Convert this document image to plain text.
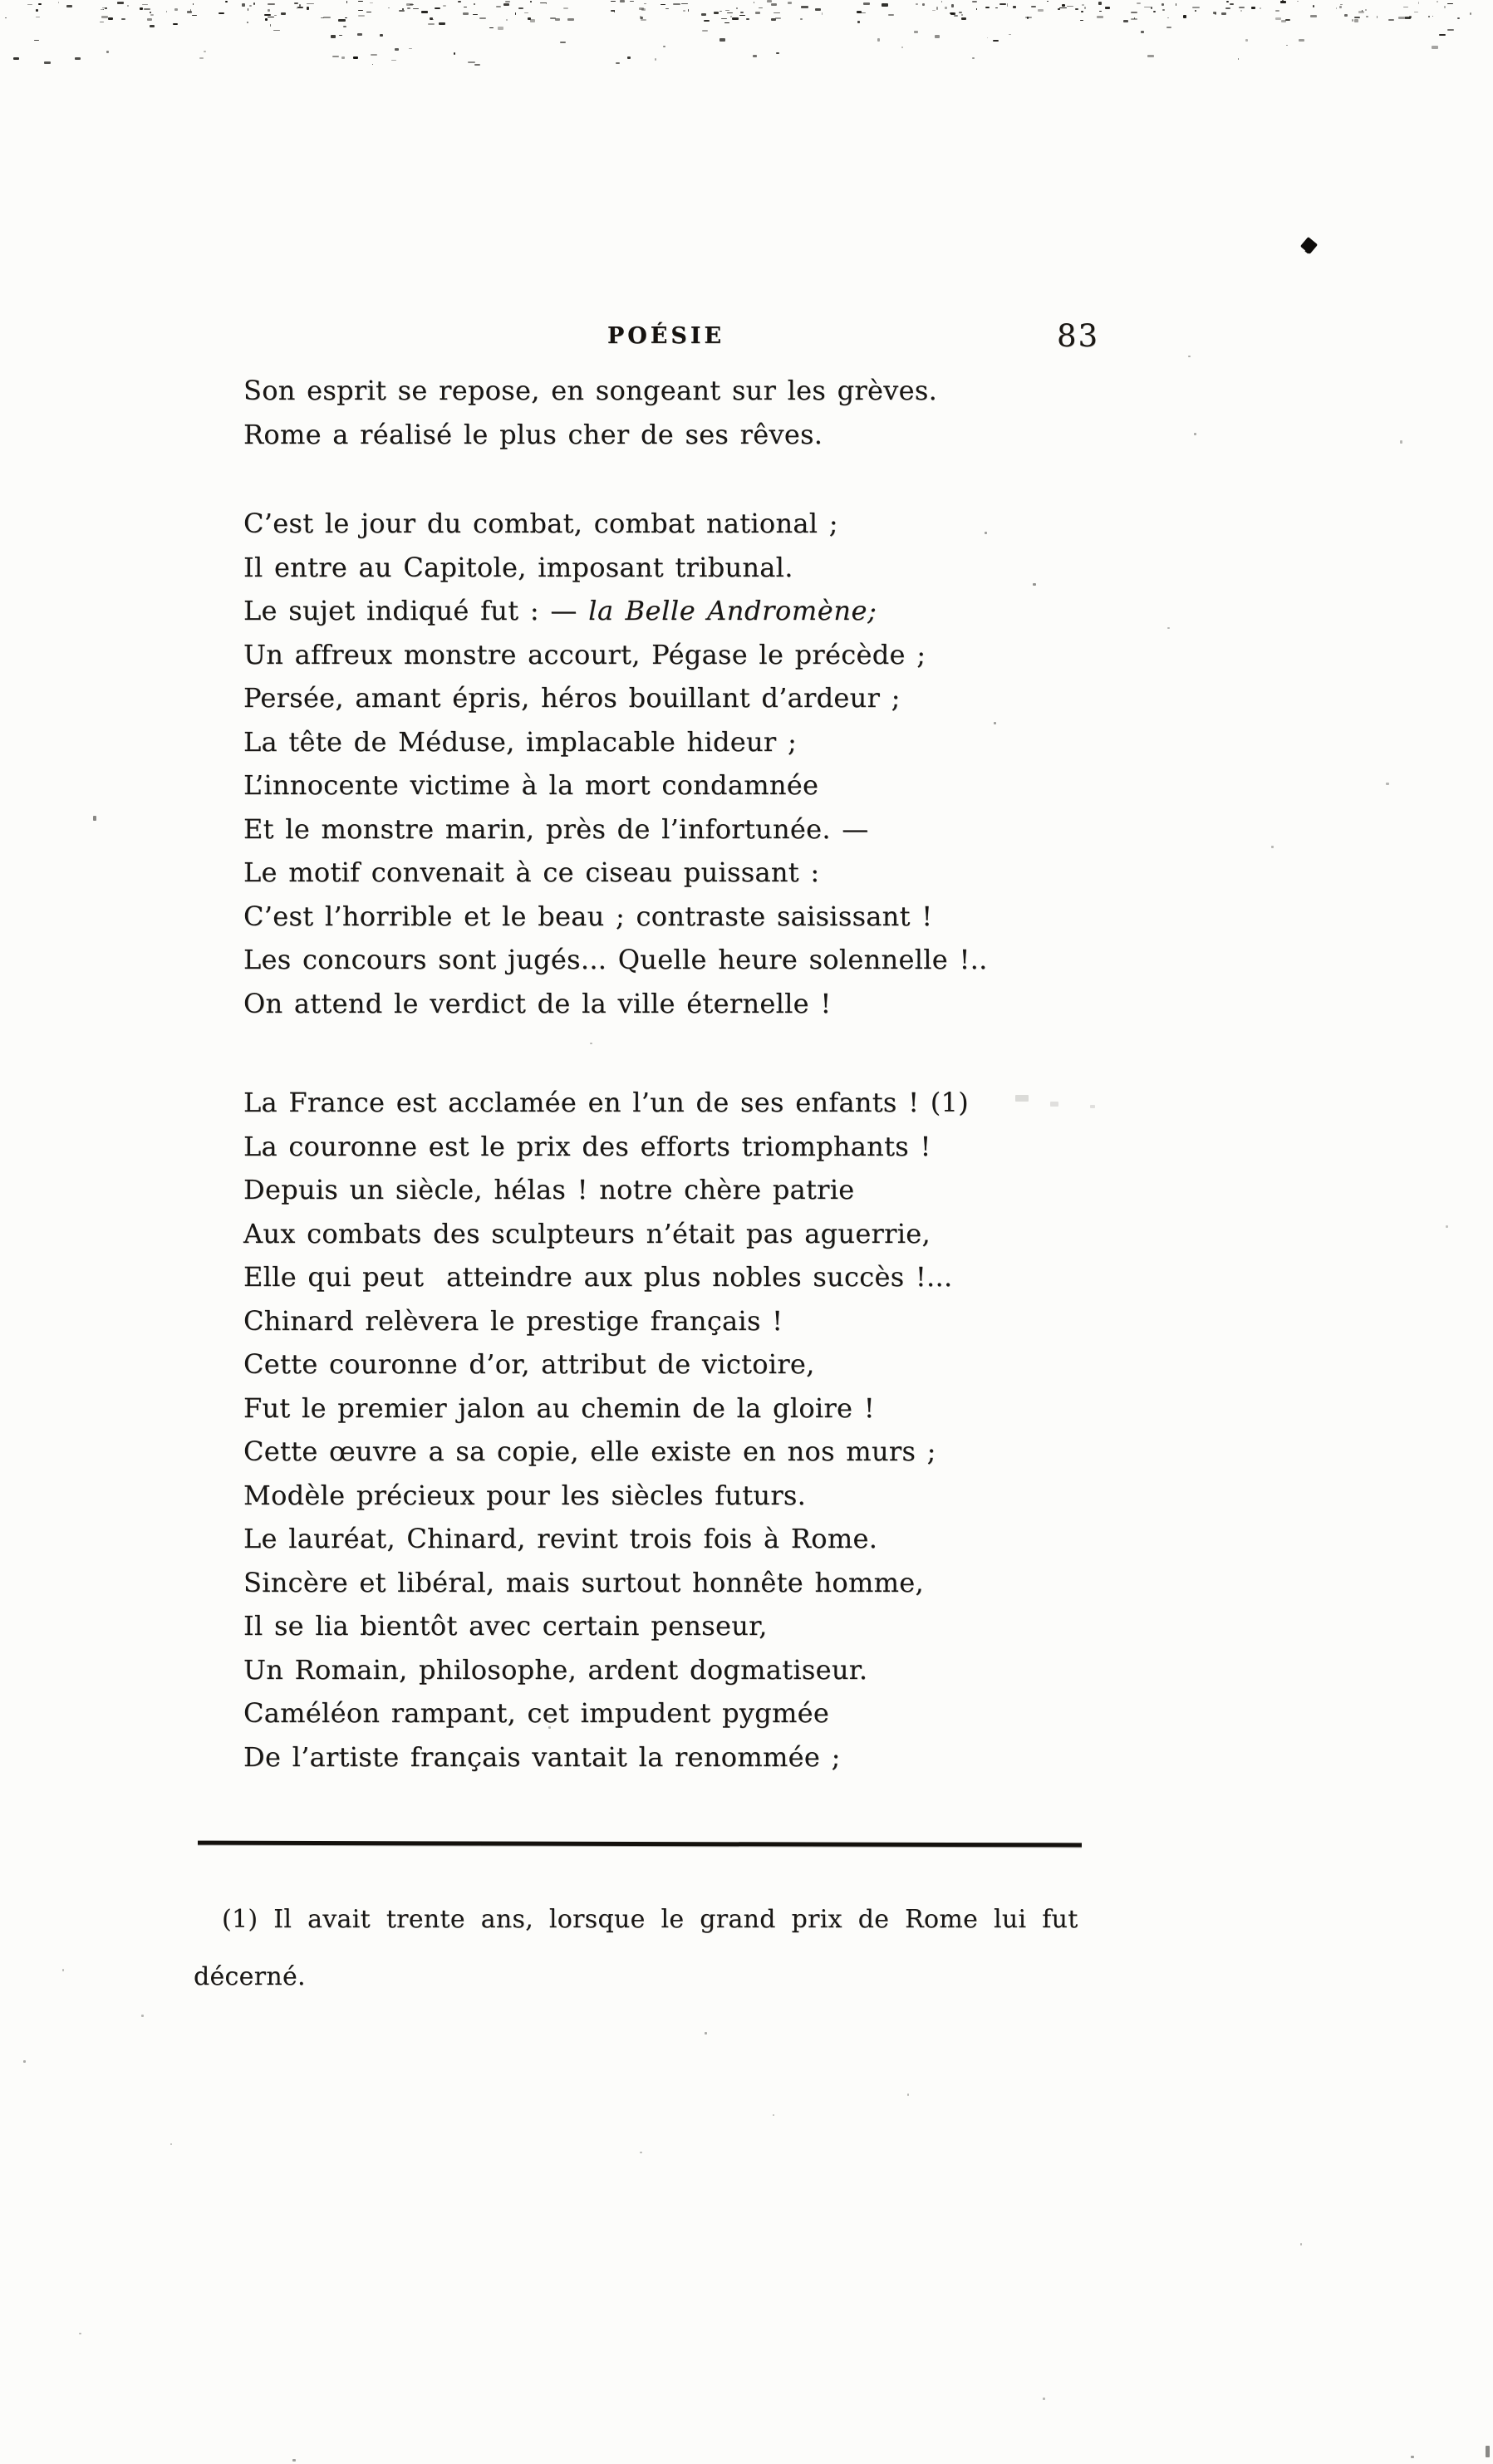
POÉSIE	83
Son esprit se repose, en songeant sur les grèves.
Rome a réalisé le plus cher de ses rêves.
C’est le jour du combat, combat national ;
Il entre au Capitole, imposant tribunal.
Le sujet indiqué fut : — la Belle Andromène;
Un affreux monstre accourt, Pégase le précède ;
Persée, amant épris, héros bouillant d’ardeur ;
La tête de Méduse, implacable hideur ;
L’innocente victime à la mort condamnée
Et le monstre marin, près de l’infortunée. —
Le motif convenait à ce ciseau puissant :
C’est l’horrible et le beau ; contraste saisissant !
Les concours sont jugés... Quelle heure solennelle !..
On attend le verdict de la ville éternelle !
La France est acclamée en l’un de ses enfants ! (1)
La couronne est le prix des efforts triomphants !
Depuis un siècle, hélas ! notre chère patrie
Aux combats des sculpteurs n’était pas aguerrie,
Elle qui peut  atteindre aux plus nobles succès !...
Chinard relèvera le prestige français !
Cette couronne d’or, attribut de victoire,
Fut le premier jalon au chemin de la gloire !
Cette œuvre a sa copie, elle existe en nos murs ;
Modèle précieux pour les siècles futurs.
Le lauréat, Chinard, revint trois fois à Rome.
Sincère et libéral, mais surtout honnête homme,
Il se lia bientôt avec certain penseur,
Un Romain, philosophe, ardent dogmatiseur.
Caméléon rampant, cet impudent pygmée
De l’artiste français vantait la renommée ;
(1) Il avait trente ans, lorsque le grand prix de Rome lui fut
décerné.
